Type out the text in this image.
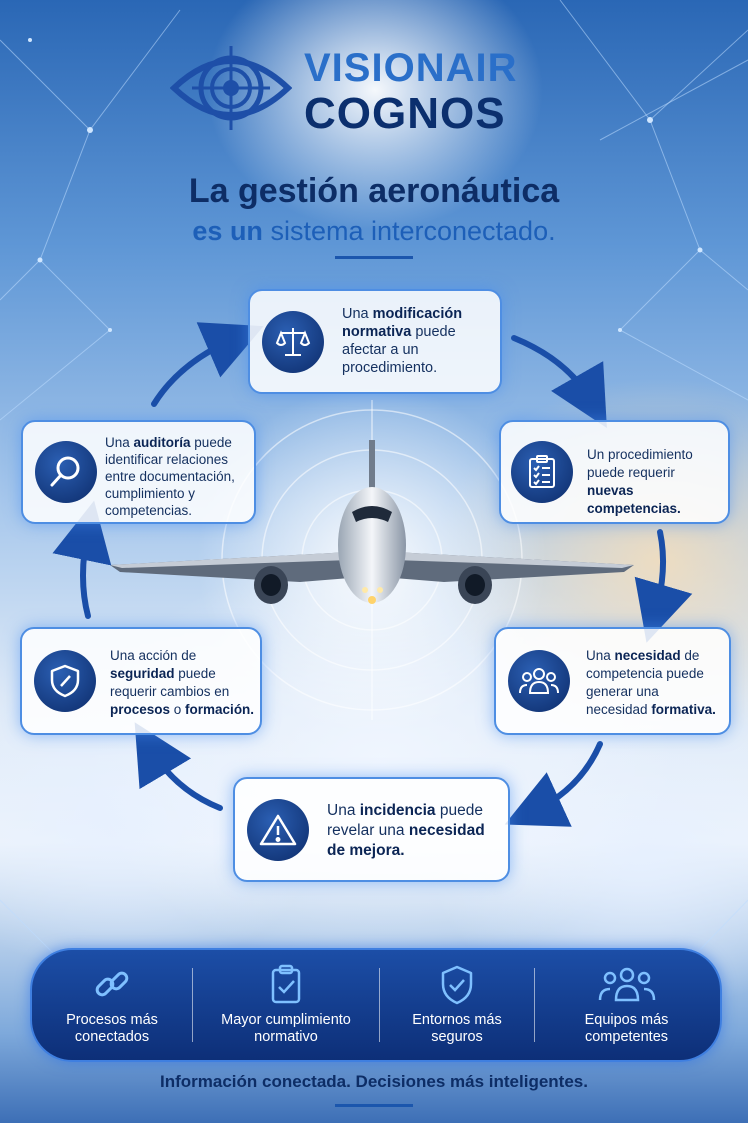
VISIONAIR
COGNOS
La gestión aeronáutica
es un sistema interconectado.
Una modificación normativa puede afectar a un procedimiento.
Un procedimiento puede requerir nuevas competencias.
Una necesidad de competencia puede generar una necesidad formativa.
Una incidencia puede revelar una necesidad de mejora.
Una acción de seguridad puede requerir cambios en procesos o formación.
Una auditoría puede identificar relaciones entre documentación, cumplimiento y competencias.
Procesos más conectados
Mayor cumplimiento normativo
Entornos más seguros
Equipos más competentes
Información conectada. Decisiones más inteligentes.
